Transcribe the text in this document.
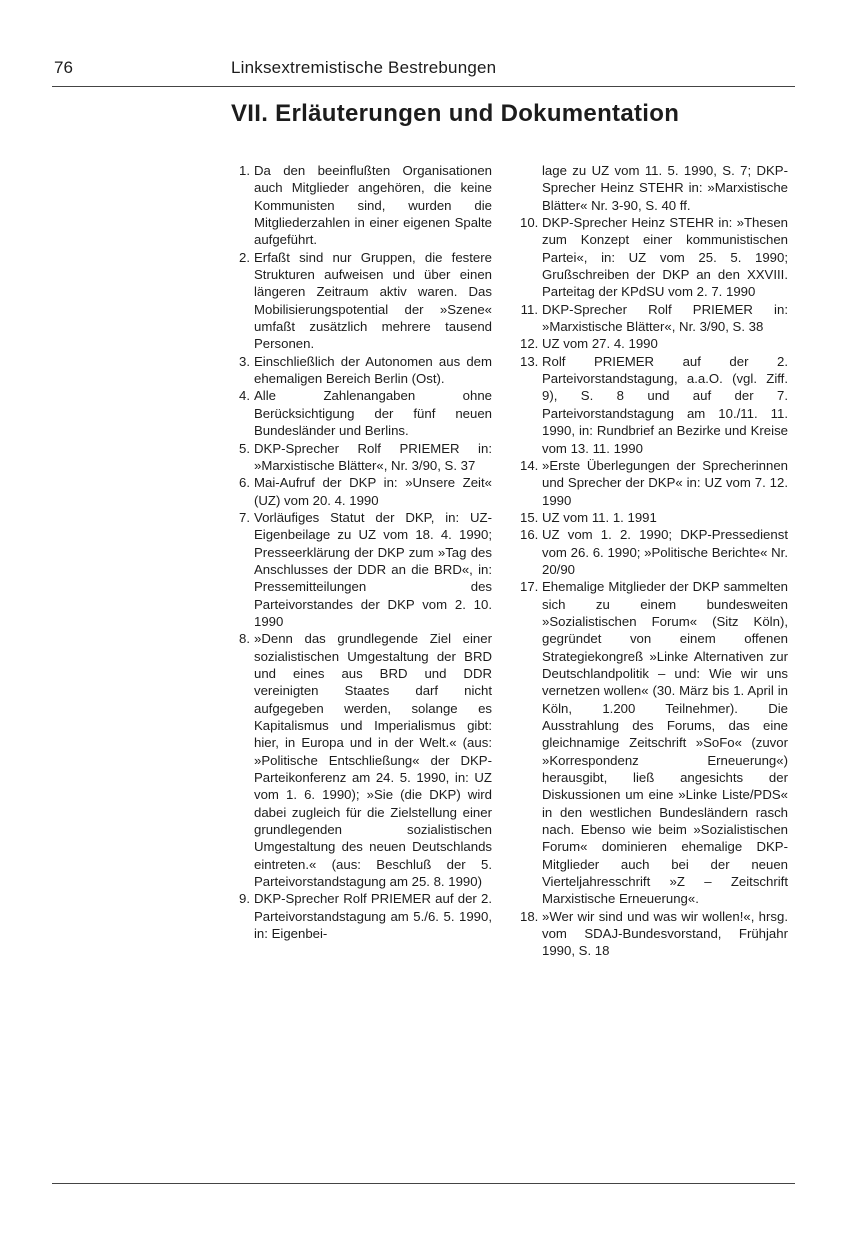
76	Linksextremistische Bestrebungen
VII. Erläuterungen und Dokumentation
1. Da den beeinflußten Organisationen auch Mitglieder angehören, die keine Kommunisten sind, wurden die Mitgliederzahlen in einer eigenen Spalte aufgeführt.
2. Erfaßt sind nur Gruppen, die festere Strukturen aufweisen und über einen längeren Zeitraum aktiv waren. Das Mobilisierungspotential der »Szene« umfaßt zusätzlich mehrere tausend Personen.
3. Einschließlich der Autonomen aus dem ehemaligen Bereich Berlin (Ost).
4. Alle Zahlenangaben ohne Berücksichtigung der fünf neuen Bundesländer und Berlins.
5. DKP-Sprecher Rolf PRIEMER in: »Marxistische Blätter«, Nr. 3/90, S. 37
6. Mai-Aufruf der DKP in: »Unsere Zeit« (UZ) vom 20. 4. 1990
7. Vorläufiges Statut der DKP, in: UZ-Eigenbeilage zu UZ vom 18. 4. 1990; Presseerklärung der DKP zum »Tag des Anschlusses der DDR an die BRD«, in: Pressemitteilungen des Parteivorstandes der DKP vom 2. 10. 1990
8. »Denn das grundlegende Ziel einer sozialistischen Umgestaltung der BRD und eines aus BRD und DDR vereinigten Staates darf nicht aufgegeben werden, solange es Kapitalismus und Imperialismus gibt: hier, in Europa und in der Welt.« (aus: »Politische Entschließung« der DKP-Parteikonferenz am 24. 5. 1990, in: UZ vom 1. 6. 1990); »Sie (die DKP) wird dabei zugleich für die Zielstellung einer grundlegenden sozialistischen Umgestaltung des neuen Deutschlands eintreten.« (aus: Beschluß der 5. Parteivorstandstagung am 25. 8. 1990)
9. DKP-Sprecher Rolf PRIEMER auf der 2. Parteivorstandstagung am 5./6. 5. 1990, in: Eigenbei-
lage zu UZ vom 11. 5. 1990, S. 7; DKP-Sprecher Heinz STEHR in: »Marxistische Blätter« Nr. 3-90, S. 40 ff.
10. DKP-Sprecher Heinz STEHR in: »Thesen zum Konzept einer kommunistischen Partei«, in: UZ vom 25. 5. 1990; Grußschreiben der DKP an den XXVIII. Parteitag der KPdSU vom 2. 7. 1990
11. DKP-Sprecher Rolf PRIEMER in: »Marxistische Blätter«, Nr. 3/90, S. 38
12. UZ vom 27. 4. 1990
13. Rolf PRIEMER auf der 2. Parteivorstandstagung, a.a.O. (vgl. Ziff. 9), S. 8 und auf der 7. Parteivorstandstagung am 10./11. 11. 1990, in: Rundbrief an Bezirke und Kreise vom 13. 11. 1990
14. »Erste Überlegungen der Sprecherinnen und Sprecher der DKP« in: UZ vom 7. 12. 1990
15. UZ vom 11. 1. 1991
16. UZ vom 1. 2. 1990; DKP-Pressedienst vom 26. 6. 1990; »Politische Berichte« Nr. 20/90
17. Ehemalige Mitglieder der DKP sammelten sich zu einem bundesweiten »Sozialistischen Forum« (Sitz Köln), gegründet von einem offenen Strategiekongreß »Linke Alternativen zur Deutschlandpolitik – und: Wie wir uns vernetzen wollen« (30. März bis 1. April in Köln, 1.200 Teilnehmer). Die Ausstrahlung des Forums, das eine gleichnamige Zeitschrift »SoFo« (zuvor »Korrespondenz Erneuerung«) herausgibt, ließ angesichts der Diskussionen um eine »Linke Liste/PDS« in den westlichen Bundesländern rasch nach. Ebenso wie beim »Sozialistischen Forum« dominieren ehemalige DKP-Mitglieder auch bei der neuen Vierteljahresschrift »Z – Zeitschrift Marxistische Erneuerung«.
18. »Wer wir sind und was wir wollen!«, hrsg. vom SDAJ-Bundesvorstand, Frühjahr 1990, S. 18
